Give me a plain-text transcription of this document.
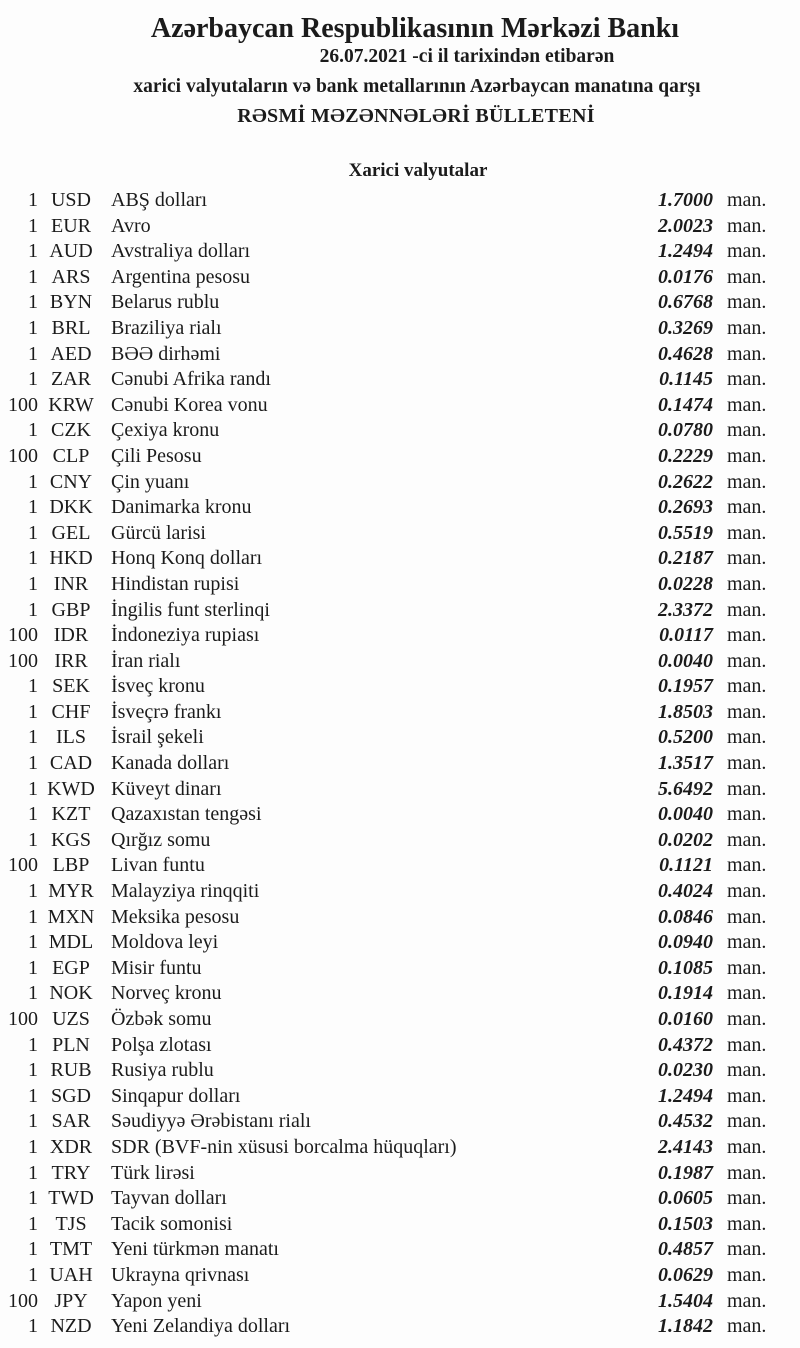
Azərbaycan Respublikasının Mərkəzi Bankı
26.07.2021 -ci il tarixindən etibarən
xarici valyutaların və bank metallarının Azərbaycan manatına qarşı
RƏSMİ MƏZƏNNƏLƏRİ BÜLLETENİ
Xarici valyutalar
1 USD	ABŞ dolları	1.7000 man.
1 EUR	Avro	2.0023 man.
1 AUD Avstraliya dolları	1.2494 man.
1 ARS	Argentina pesosu	0.0176 man.
1 BYN Belarus rublu	0.6768 man.
1 BRL	Braziliya rialı	0.3269 man.
1 AED BƏƏ dirhəmi	0.4628 man.
1 ZAR	Cənubi Afrika randı	0.1145 man.
100 KRW Cənubi Korea vonu	0.1474 man.
1 CZK	Çexiya kronu	0.0780 man.
100 CLP	Çili Pesosu	0.2229 man.
1 CNY Çin yuanı	0.2622 man.
1 DKK Danimarka kronu	0.2693 man.
1 GEL	Gürcü larisi	0.5519 man.
1 HKD Honq Konq dolları	0.2187 man.
1 INR	Hindistan rupisi	0.0228 man.
1 GBP	İngilis funt sterlinqi	2.3372 man.
100 IDR	İndoneziya rupiası	0.0117 man.
100 IRR	İran rialı	0.0040 man.
1 SEK	İsveç kronu	0.1957 man.
1 CHF	İsveçrə frankı	1.8503 man.
1 ILS	İsrail şekeli	0.5200 man.
1 CAD Kanada dolları	1.3517 man.
1 KWD Küveyt dinarı	5.6492 man.
1 KZT	Qazaxıstan tengəsi	0.0040 man.
1 KGS	Qırğız somu	0.0202 man.
100 LBP	Livan funtu	0.1121 man.
1 MYR Malayziya rinqqiti	0.4024 man.
1 MXN Meksika pesosu	0.0846 man.
1 MDL Moldova leyi	0.0940 man.
1 EGP	Misir funtu	0.1085 man.
1 NOK Norveç kronu	0.1914 man.
100 UZS	Özbək somu	0.0160 man.
1 PLN	Polşa zlotası	0.4372 man.
1 RUB Rusiya rublu	0.0230 man.
1 SGD	Sinqapur dolları	1.2494 man.
1 SAR	Səudiyyə Ərəbistanı rialı	0.4532 man.
1 XDR SDR (BVF-nin xüsusi borcalma hüquqları)	2.4143 man.
1 TRY	Türk lirəsi	0.1987 man.
1 TWD Tayvan dolları	0.0605 man.
1 TJS	Tacik somonisi	0.1503 man.
1 TMT Yeni türkmən manatı	0.4857 man.
1 UAH Ukrayna qrivnası	0.0629 man.
100 JPY	Yapon yeni	1.5404 man.
1 NZD Yeni Zelandiya dolları	1.1842 man.
